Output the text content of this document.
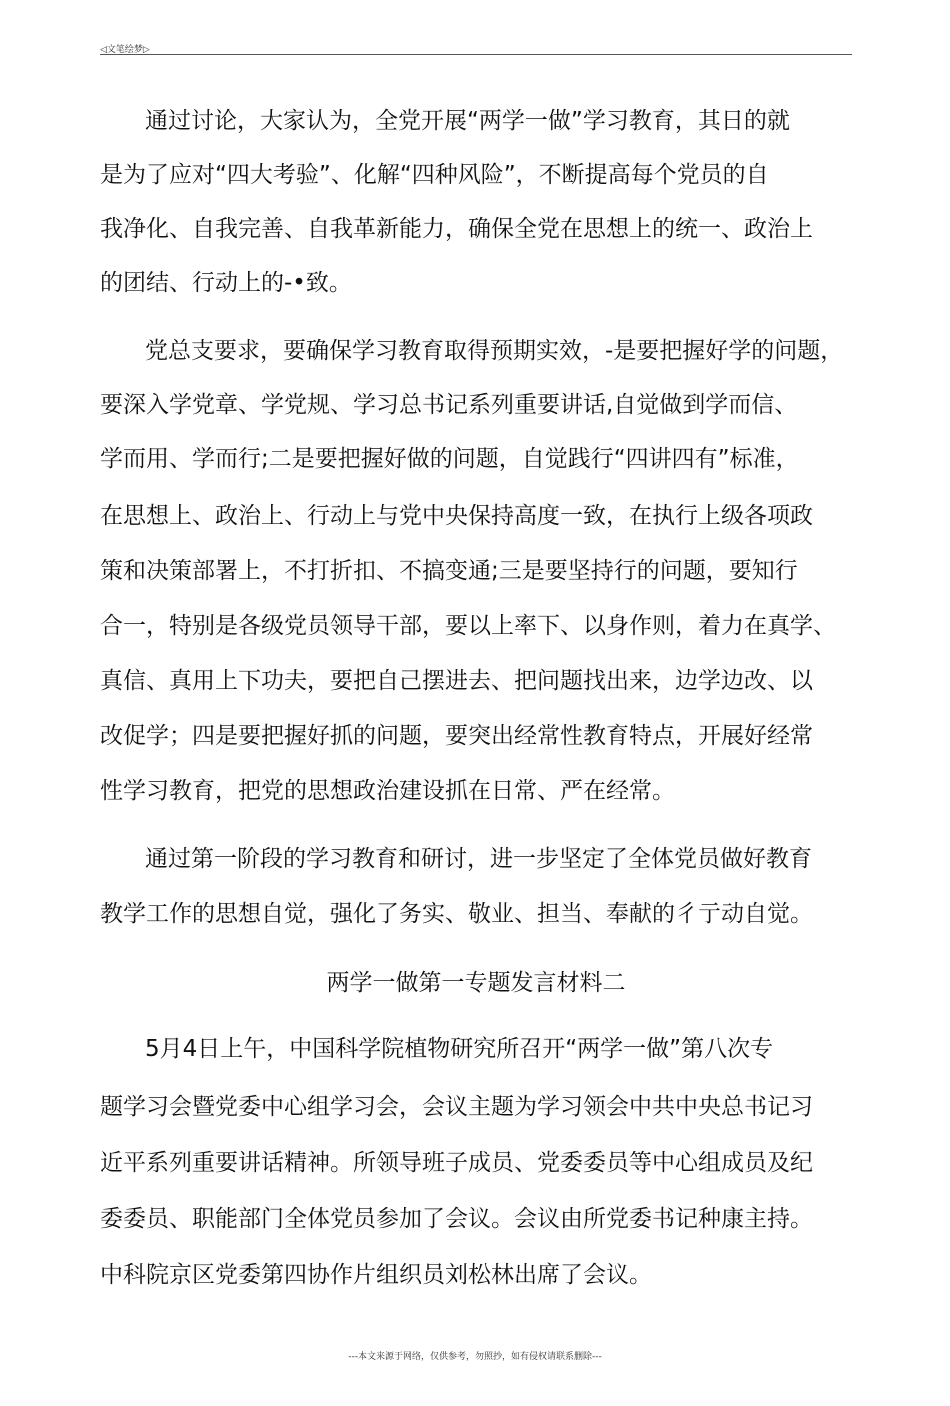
◁文笔绘梦▷
通过讨论，大家认为，全党开展“两学一做”学习教育，其日的就
是为了应对“四大考验”、化解“四种风险”，不断提高每个党员的自
我净化、自我完善、自我革新能力，确保全党在思想上的统一、政治上
的团结、行动上的-•致。
党总支要求，要确保学习教育取得预期实效，-是要把握好学的问题，
要深入学党章、学党规、学习总书记系列重要讲话,自觉做到学而信、
学而用、学而行;二是要把握好做的问题，自觉践行“四讲四有”标准，
在思想上、政治上、行动上与党中央保持高度一致，在执行上级各项政
策和决策部署上，不打折扣、不搞变通;三是要坚持行的问题，要知行
合一，特别是各级党员领导干部，要以上率下、以身作则，着力在真学、
真信、真用上下功夫，要把自己摆进去、把问题找出来，边学边改、以
改促学；四是要把握好抓的问题，要突出经常性教育特点，开展好经常
性学习教育，把党的思想政治建设抓在日常、严在经常。
通过第一阶段的学习教育和研讨，进一步坚定了全体党员做好教育
教学工作的思想自觉，强化了务实、敬业、担当、奉献的彳亍动自觉。
两学一做第一专题发言材料二
5月4日上午，中国科学院植物研究所召开“两学一做”第八次专
题学习会暨党委中心组学习会，会议主题为学习领会中共中央总书记习
近平系列重要讲话精神。所领导班子成员、党委委员等中心组成员及纪
委委员、职能部门全体党员参加了会议。会议由所党委书记种康主持。
中科院京区党委第四协作片组织员刘松林出席了会议。
---本文来源于网络，仅供参考，勿照抄，如有侵权请联系删除---
